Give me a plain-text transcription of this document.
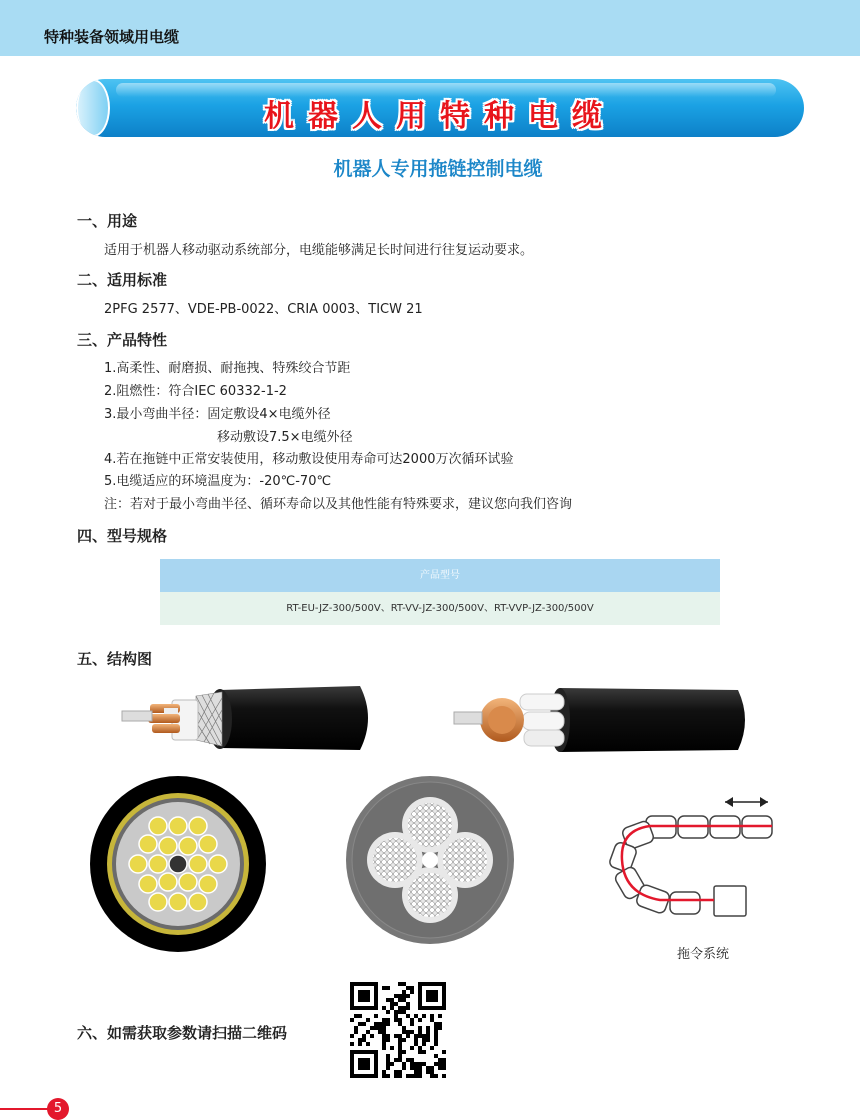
特种装备领域用电缆
机器人用特种电缆
机器人专用拖链控制电缆
一、用途
适用于机器人移动驱动系统部分，电缆能够满足长时间进行往复运动要求。
二、适用标准
2PFG 2577、VDE-PB-0022、CRIA 0003、TICW 21
三、产品特性
1.高柔性、耐磨损、耐拖拽、特殊绞合节距
2.阻燃性：符合IEC 60332-1-2
3.最小弯曲半径：固定敷设4×电缆外径
移动敷设7.5×电缆外径
4.若在拖链中正常安装使用，移动敷设使用寿命可达2000万次循环试验
5.电缆适应的环境温度为：-20℃-70℃
注：若对于最小弯曲半径、循环寿命以及其他性能有特殊要求，建议您向我们咨询
四、型号规格
产品型号
RT-EU-JZ-300/500V、RT-VV-JZ-300/500V、RT-VVP-JZ-300/500V
五、结构图
拖令系统
六、如需获取参数请扫描二维码
5
